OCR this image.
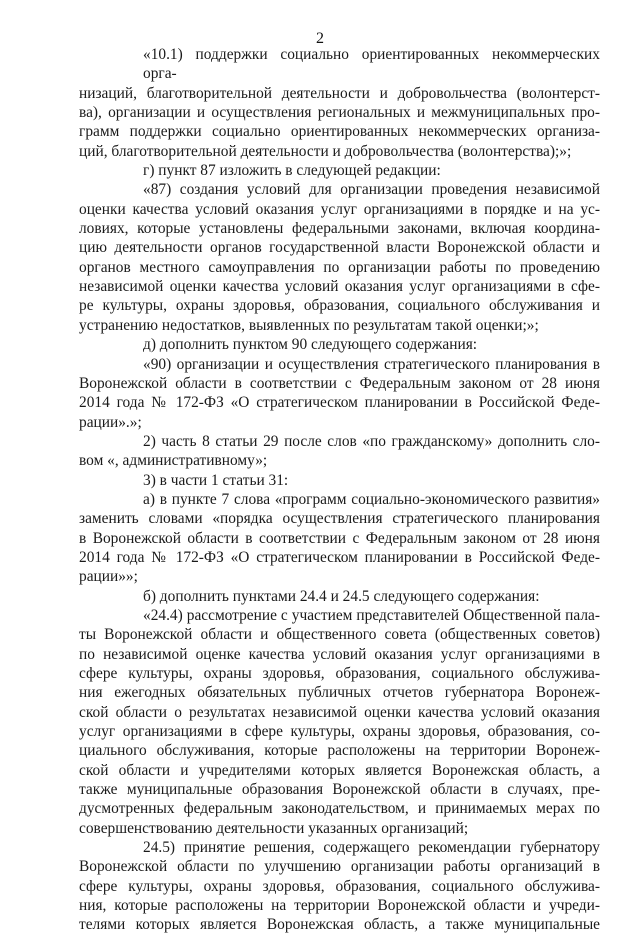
2
«10.1) поддержки социально ориентированных некоммерческих орга-
низаций, благотворительной деятельности и добровольчества (волонтерст-
ва), организации и осуществления региональных и межмуниципальных про-
грамм поддержки социально ориентированных некоммерческих организа-
ций, благотворительной деятельности и добровольчества (волонтерства);»;
г) пункт 87 изложить в следующей редакции:
«87) создания условий для организации проведения независимой
оценки качества условий оказания услуг организациями в порядке и на ус-
ловиях, которые установлены федеральными законами, включая координа-
цию деятельности органов государственной власти Воронежской области и
органов местного самоуправления по организации работы по проведению
независимой оценки качества условий оказания услуг организациями в сфе-
ре культуры, охраны здоровья, образования, социального обслуживания и
устранению недостатков, выявленных по результатам такой оценки;»;
д) дополнить пунктом 90 следующего содержания:
«90) организации и осуществления стратегического планирования в
Воронежской области в соответствии с Федеральным законом от 28 июня
2014 года № 172-ФЗ «О стратегическом планировании в Российской Феде-
рации».»;
2) часть 8 статьи 29 после слов «по гражданскому» дополнить сло-
вом «, административному»;
3) в части 1 статьи 31:
а) в пункте 7 слова «программ социально-экономического развития»
заменить словами «порядка осуществления стратегического планирования
в Воронежской области в соответствии с Федеральным законом от 28 июня
2014 года № 172-ФЗ «О стратегическом планировании в Российской Феде-
рации»»;
б) дополнить пунктами 24.4 и 24.5 следующего содержания:
«24.4) рассмотрение с участием представителей Общественной пала-
ты Воронежской области и общественного совета (общественных советов)
по независимой оценке качества условий оказания услуг организациями в
сфере культуры, охраны здоровья, образования, социального обслужива-
ния ежегодных обязательных публичных отчетов губернатора Воронеж-
ской области о результатах независимой оценки качества условий оказания
услуг организациями в сфере культуры, охраны здоровья, образования, со-
циального обслуживания, которые расположены на территории Воронеж-
ской области и учредителями которых является Воронежская область, а
также муниципальные образования Воронежской области в случаях, пре-
дусмотренных федеральным законодательством, и принимаемых мерах по
совершенствованию деятельности указанных организаций;
24.5) принятие решения, содержащего рекомендации губернатору
Воронежской области по улучшению организации работы организаций в
сфере культуры, охраны здоровья, образования, социального обслужива-
ния, которые расположены на территории Воронежской области и учреди-
телями которых является Воронежская область, а также муниципальные
